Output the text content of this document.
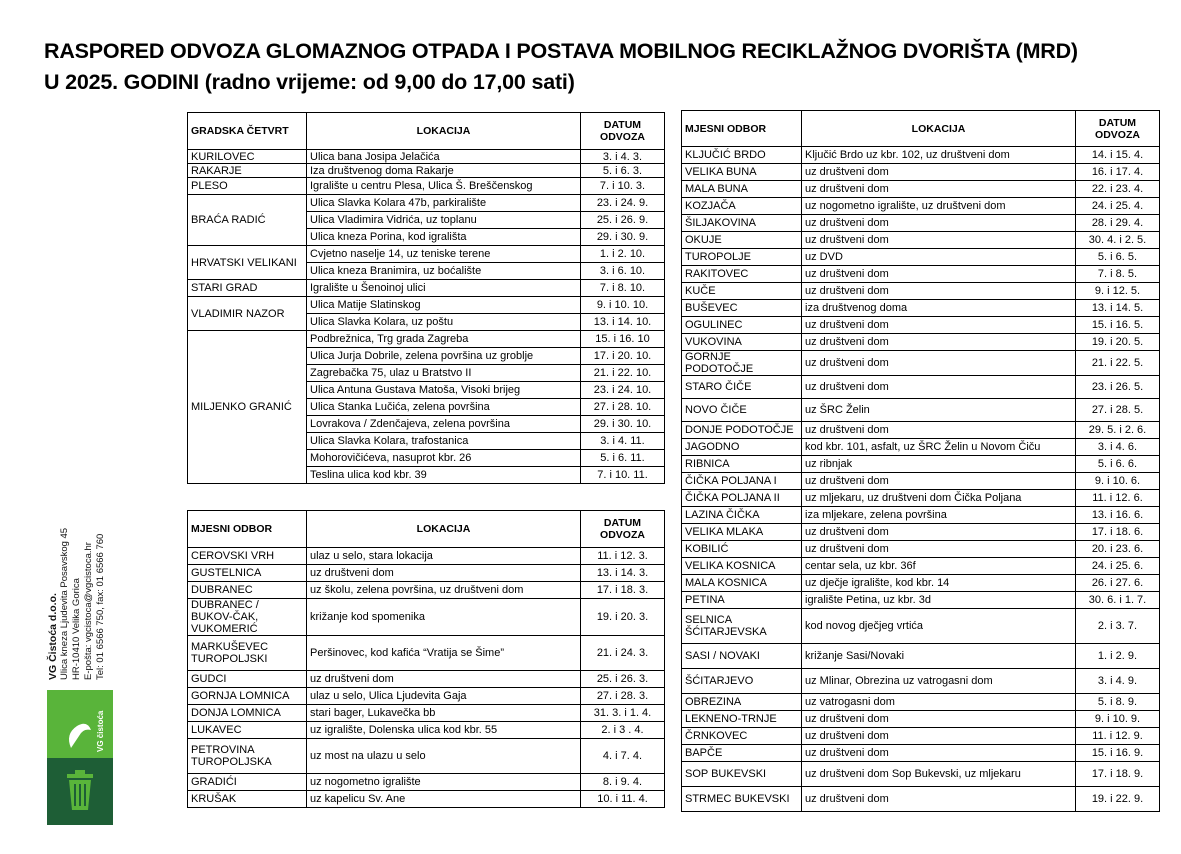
RASPORED ODVOZA GLOMAZNOG OTPADA I POSTAVA MOBILNOG RECIKLAŽNOG DVORIŠTA (MRD)
U 2025. GODINI (radno vrijeme: od 9,00 do 17,00 sati)
GRADSKA ČETVRT	LOKACIJA	DATUM ODVOZA
KURILOVEC	Ulica bana Josipa Jelačića	3. i 4. 3.
RAKARJE	Iza društvenog doma Rakarje	5. i 6. 3.
PLESO	Igralište u centru Plesa, Ulica Š. Breščenskog	7. i 10. 3.
BRAĆA RADIĆ	Ulica Slavka Kolara 47b, parkiralište	23. i 24. 9.
	Ulica Vladimira Vidrića, uz toplanu	25. i 26. 9.
	Ulica kneza Porina, kod igrališta	29. i 30. 9.
HRVATSKI VELIKANI	Cvjetno naselje 14, uz teniske terene	1. i 2. 10.
	Ulica kneza Branimira, uz boćalište	3. i 6. 10.
STARI GRAD	Igralište u Šenoinoj ulici	7. i 8. 10.
VLADIMIR NAZOR	Ulica Matije Slatinskog	9. i 10. 10.
	Ulica Slavka Kolara, uz poštu	13. i 14. 10.
MILJENKO GRANIĆ	Podbrežnica, Trg grada Zagreba	15. i 16. 10
	Ulica Jurja Dobrile, zelena površina uz groblje	17. i 20. 10.
	Zagrebačka 75, ulaz u Bratstvo II	21. i 22. 10.
	Ulica Antuna Gustava Matoša, Visoki brijeg	23. i 24. 10.
	Ulica Stanka Lučića, zelena površina	27. i 28. 10.
	Lovrakova / Zdenčajeva, zelena površina	29. i 30. 10.
	Ulica Slavka Kolara, trafostanica	3. i 4. 11.
	Mohorovičićeva, nasuprot kbr. 26	5. i 6. 11.
	Teslina ulica kod kbr. 39	7. i 10. 11.
MJESNI ODBOR	LOKACIJA	DATUM ODVOZA
CEROVSKI VRH	ulaz u selo, stara lokacija	11. i 12. 3.
GUSTELNICA	uz društveni dom	13. i 14. 3.
DUBRANEC	uz školu, zelena površina, uz društveni dom	17. i 18. 3.
DUBRANEC / BUKOV-ČAK, VUKOMERIĆ	križanje kod spomenika	19. i 20. 3.
MARKUŠEVEC TUROPOLJSKI	Peršinovec, kod kafića “Vratija se Šime”	21. i 24. 3.
GUDCI	uz društveni dom	25. i 26. 3.
GORNJA LOMNICA	ulaz u selo, Ulica Ljudevita Gaja	27. i 28. 3.
DONJA LOMNICA	stari bager, Lukavečka bb	31. 3. i 1. 4.
LUKAVEC	uz igralište, Dolenska ulica kod kbr. 55	2. i 3 . 4.
PETROVINA TUROPOLJSKA	uz most na ulazu u selo	4. i 7. 4.
GRADIĆI	uz nogometno igralište	8. i 9. 4.
KRUŠAK	uz kapelicu Sv. Ane	10. i 11. 4.
MJESNI ODBOR	LOKACIJA	DATUM ODVOZA
KLJUČIĆ BRDO	Ključić Brdo uz kbr. 102, uz društveni dom	14. i 15. 4.
VELIKA BUNA	uz društveni dom	16. i 17. 4.
MALA BUNA	uz društveni dom	22. i 23. 4.
KOZJAČA	uz nogometno igralište, uz društveni dom	24. i 25. 4.
ŠILJAKOVINA	uz društveni dom	28. i 29. 4.
OKUJE	uz društveni dom	30. 4. i 2. 5.
TUROPOLJE	uz DVD	5. i 6. 5.
RAKITOVEC	uz društveni dom	7. i 8. 5.
KUČE	uz društveni dom	9. i 12. 5.
BUŠEVEC	iza društvenog doma	13. i 14. 5.
OGULINEC	uz društveni dom	15. i 16. 5.
VUKOVINA	uz društveni dom	19. i 20. 5.
GORNJE PODOTOČJE	uz društveni dom	21. i 22. 5.
STARO ČIČE	uz društveni dom	23. i 26. 5.
NOVO ČIČE	uz ŠRC Želin	27. i 28. 5.
DONJE PODOTOČJE	uz društveni dom	29. 5. i 2. 6.
JAGODNO	kod kbr. 101, asfalt, uz ŠRC Želin u Novom Čiču	3. i 4. 6.
RIBNICA	uz ribnjak	5. i 6. 6.
ČIČKA POLJANA I	uz društveni dom	9. i 10. 6.
ČIČKA POLJANA II	uz mljekaru, uz društveni dom Čička Poljana	11. i 12. 6.
LAZINA ČIČKA	iza mljekare, zelena površina	13. i 16. 6.
VELIKA MLAKA	uz društveni dom	17. i 18. 6.
KOBILIĆ	uz društveni dom	20. i 23. 6.
VELIKA KOSNICA	centar sela, uz kbr. 36f	24. i 25. 6.
MALA KOSNICA	uz dječje igralište, kod kbr. 14	26. i 27. 6.
PETINA	igralište Petina, uz kbr. 3d	30. 6. i 1. 7.
SELNICA ŠĆITARJEVSKA	kod novog dječjeg vrtića	2. i 3. 7.
SASI / NOVAKI	križanje Sasi/Novaki	1. i 2. 9.
ŠĆITARJEVO	uz Mlinar, Obrezina uz vatrogasni dom	3. i 4. 9.
OBREZINA	uz vatrogasni dom	5. i 8. 9.
LEKNENO-TRNJE	uz društveni dom	9. i 10. 9.
ČRNKOVEC	uz društveni dom	11. i 12. 9.
BAPČE	uz društveni dom	15. i 16. 9.
SOP BUKEVSKI	uz društveni dom Sop Bukevski, uz mljekaru	17. i 18. 9.
STRMEC BUKEVSKI	uz društveni dom	19. i 22. 9.
VG Čistoća d.o.o. Ulica kneza Ljudevita Posavskog 45 HR-10410 Velika Gorica E-pošta: vgcistoca@vgcistoca.hr Tel: 01 6566 750, fax: 01 6566 760
VG čistoća
